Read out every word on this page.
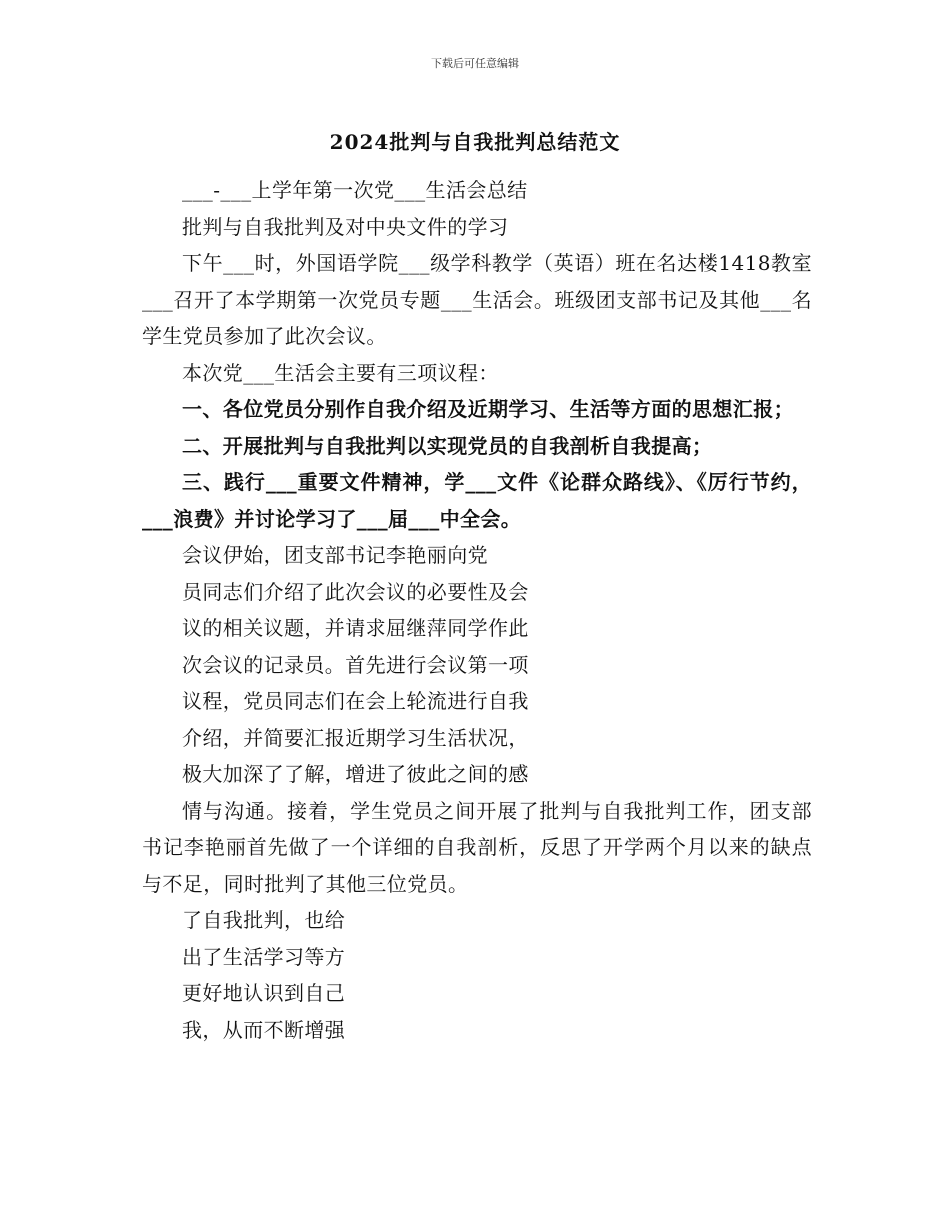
下载后可任意编辑
2024批判与自我批判总结范文

___-___上学年第一次党___生活会总结

批判与自我批判及对中央文件的学习

下午___时，外国语学院___级学科教学（英语）班在名达楼1418教室___召开了本学期第一次党员专题___生活会。班级团支部书记及其他___名学生党员参加了此次会议。

本次党___生活会主要有三项议程：

一、各位党员分别作自我介绍及近期学习、生活等方面的思想汇报；

二、开展批判与自我批判以实现党员的自我剖析自我提高；

三、践行___重要文件精神，学___文件《论群众路线》、《厉行节约，___浪费》并讨论学习了___届___中全会。

会议伊始，团支部书记李艳丽向党

员同志们介绍了此次会议的必要性及会

议的相关议题，并请求屈继萍同学作此

次会议的记录员。首先进行会议第一项

议程，党员同志们在会上轮流进行自我

介绍，并简要汇报近期学习生活状况，

极大加深了了解，增进了彼此之间的感

情与沟通。接着，学生党员之间开展了批判与自我批判工作，团支部书记李艳丽首先做了一个详细的自我剖析，反思了开学两个月以来的缺点与不足，同时批判了其他三位党员。

了自我批判，也给

出了生活学习等方

更好地认识到自己

我，从而不断增强
